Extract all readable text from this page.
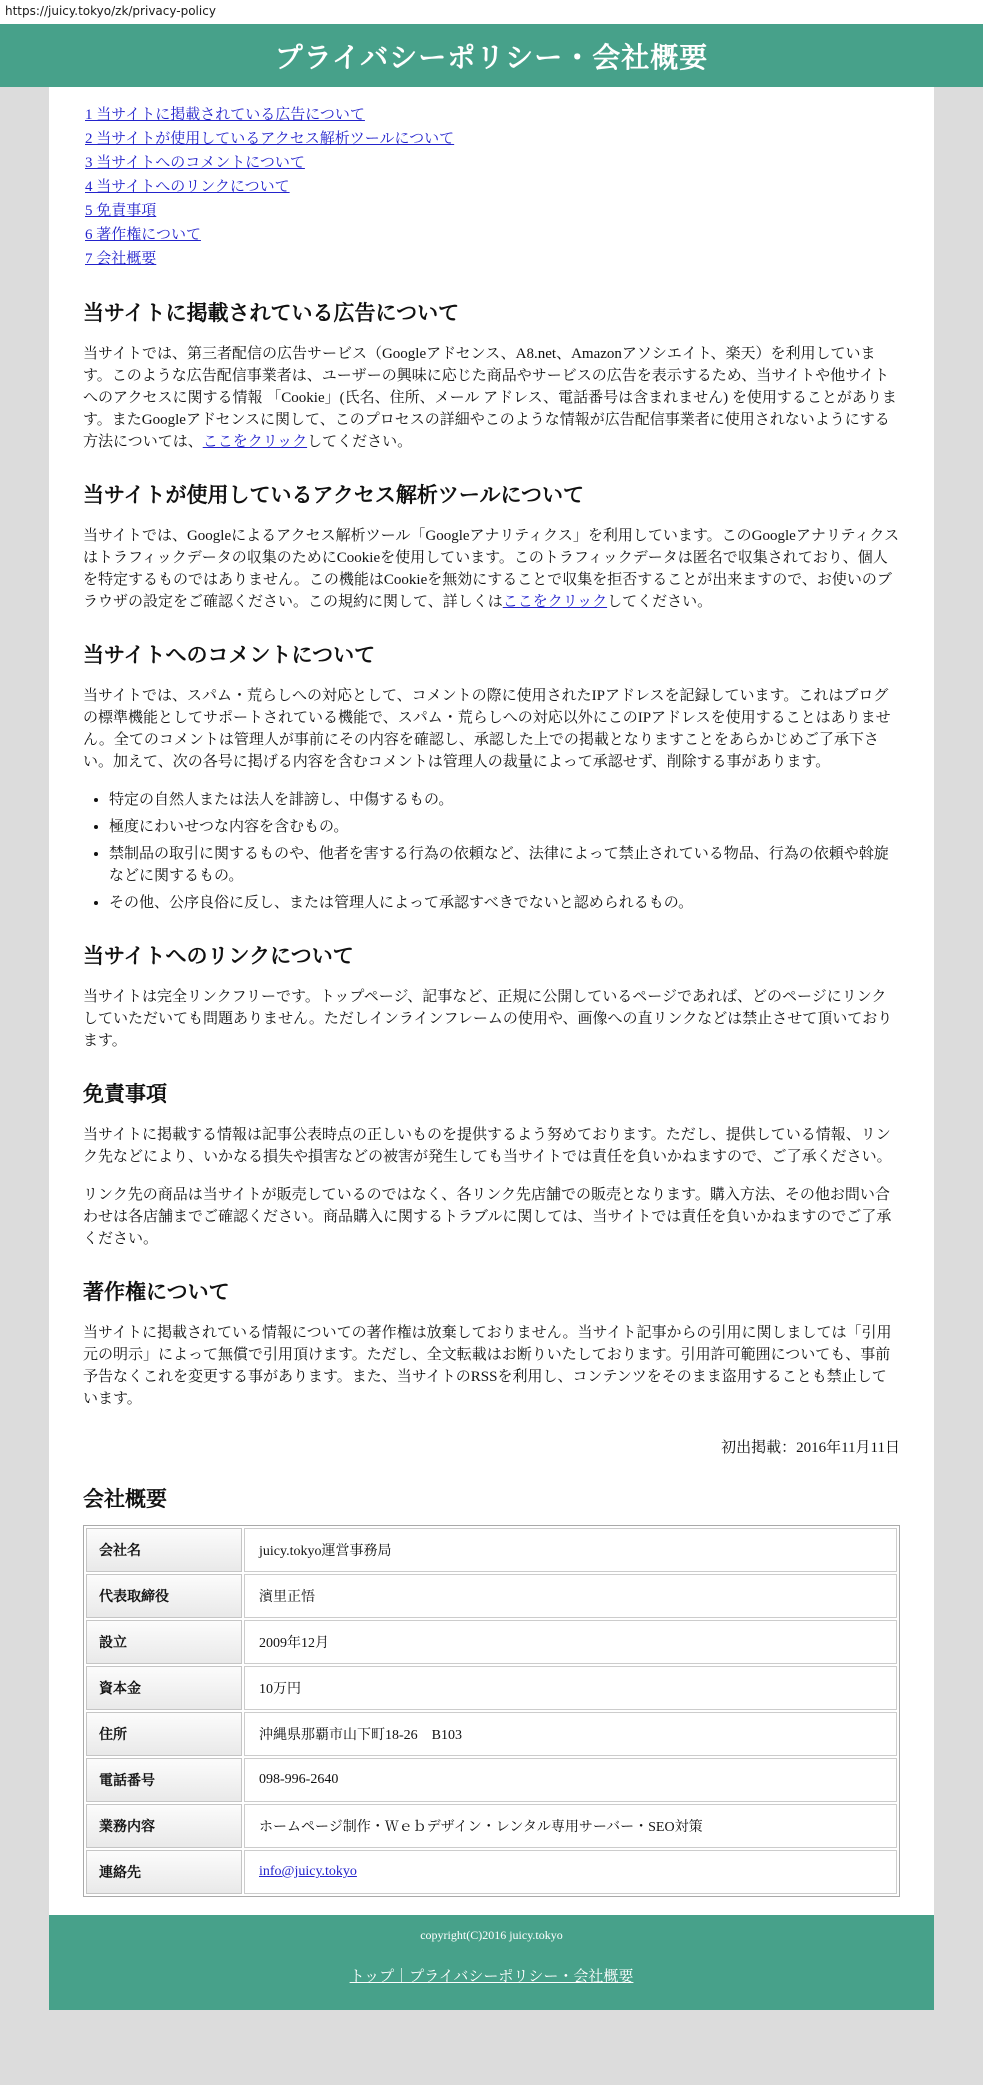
https://juicy.tokyo/zk/privacy-policy
プライバシーポリシー・会社概要
1 当サイトに掲載されている広告について
2 当サイトが使用しているアクセス解析ツールについて
3 当サイトへのコメントについて
4 当サイトへのリンクについて
5 免責事項
6 著作権について
7 会社概要
当サイトに掲載されている広告について

当サイトでは、第三者配信の広告サービス（Googleアドセンス、A8.net、Amazonアソシエイト、楽天）を利用しています。このような広告配信事業者は、ユーザーの興味に応じた商品やサービスの広告を表示するため、当サイトや他サイトへのアクセスに関する情報 「Cookie」(氏名、住所、メール アドレス、電話番号は含まれません) を使用することがあります。またGoogleアドセンスに関して、このプロセスの詳細やこのような情報が広告配信事業者に使用されないようにする方法については、ここをクリックしてください。

当サイトが使用しているアクセス解析ツールについて

当サイトでは、Googleによるアクセス解析ツール「Googleアナリティクス」を利用しています。このGoogleアナリティクスはトラフィックデータの収集のためにCookieを使用しています。このトラフィックデータは匿名で収集されており、個人を特定するものではありません。この機能はCookieを無効にすることで収集を拒否することが出来ますので、お使いのブラウザの設定をご確認ください。この規約に関して、詳しくはここをクリックしてください。

当サイトへのコメントについて

当サイトでは、スパム・荒らしへの対応として、コメントの際に使用されたIPアドレスを記録しています。これはブログの標準機能としてサポートされている機能で、スパム・荒らしへの対応以外にこのIPアドレスを使用することはありません。全てのコメントは管理人が事前にその内容を確認し、承認した上での掲載となりますことをあらかじめご了承下さい。加えて、次の各号に掲げる内容を含むコメントは管理人の裁量によって承認せず、削除する事があります。

• 特定の自然人または法人を誹謗し、中傷するもの。
• 極度にわいせつな内容を含むもの。
• 禁制品の取引に関するものや、他者を害する行為の依頼など、法律によって禁止されている物品、行為の依頼や斡旋などに関するもの。
• その他、公序良俗に反し、または管理人によって承認すべきでないと認められるもの。
当サイトへのリンクについて

当サイトは完全リンクフリーです。トップページ、記事など、正規に公開しているページであれば、どのページにリンクしていただいても問題ありません。ただしインラインフレームの使用や、画像への直リンクなどは禁止させて頂いております。

免責事項

当サイトに掲載する情報は記事公表時点の正しいものを提供するよう努めております。ただし、提供している情報、リンク先などにより、いかなる損失や損害などの被害が発生しても当サイトでは責任を負いかねますので、ご了承ください。

リンク先の商品は当サイトが販売しているのではなく、各リンク先店舗での販売となります。購入方法、その他お問い合わせは各店舗までご確認ください。商品購入に関するトラブルに関しては、当サイトでは責任を負いかねますのでご了承ください。

著作権について

当サイトに掲載されている情報についての著作権は放棄しておりません。当サイト記事からの引用に関しましては「引用元の明示」によって無償で引用頂けます。ただし、全文転載はお断りいたしております。引用許可範囲についても、事前予告なくこれを変更する事があります。また、当サイトのRSSを利用し、コンテンツをそのまま盗用することも禁止しています。

初出掲載：2016年11月11日
会社概要
会社名	juicy.tokyo運営事務局
代表取締役	濱里正悟
設立	2009年12月
資本金	10万円
住所	沖縄県那覇市山下町18-26　B103
電話番号	098-996-2640
業務内容	ホームページ制作・Ｗｅｂデザイン・レンタル専用サーバー・SEO対策
連絡先	info@juicy.tokyo
copyright(C)2016 juicy.tokyo
トップ｜プライバシーポリシー・会社概要
